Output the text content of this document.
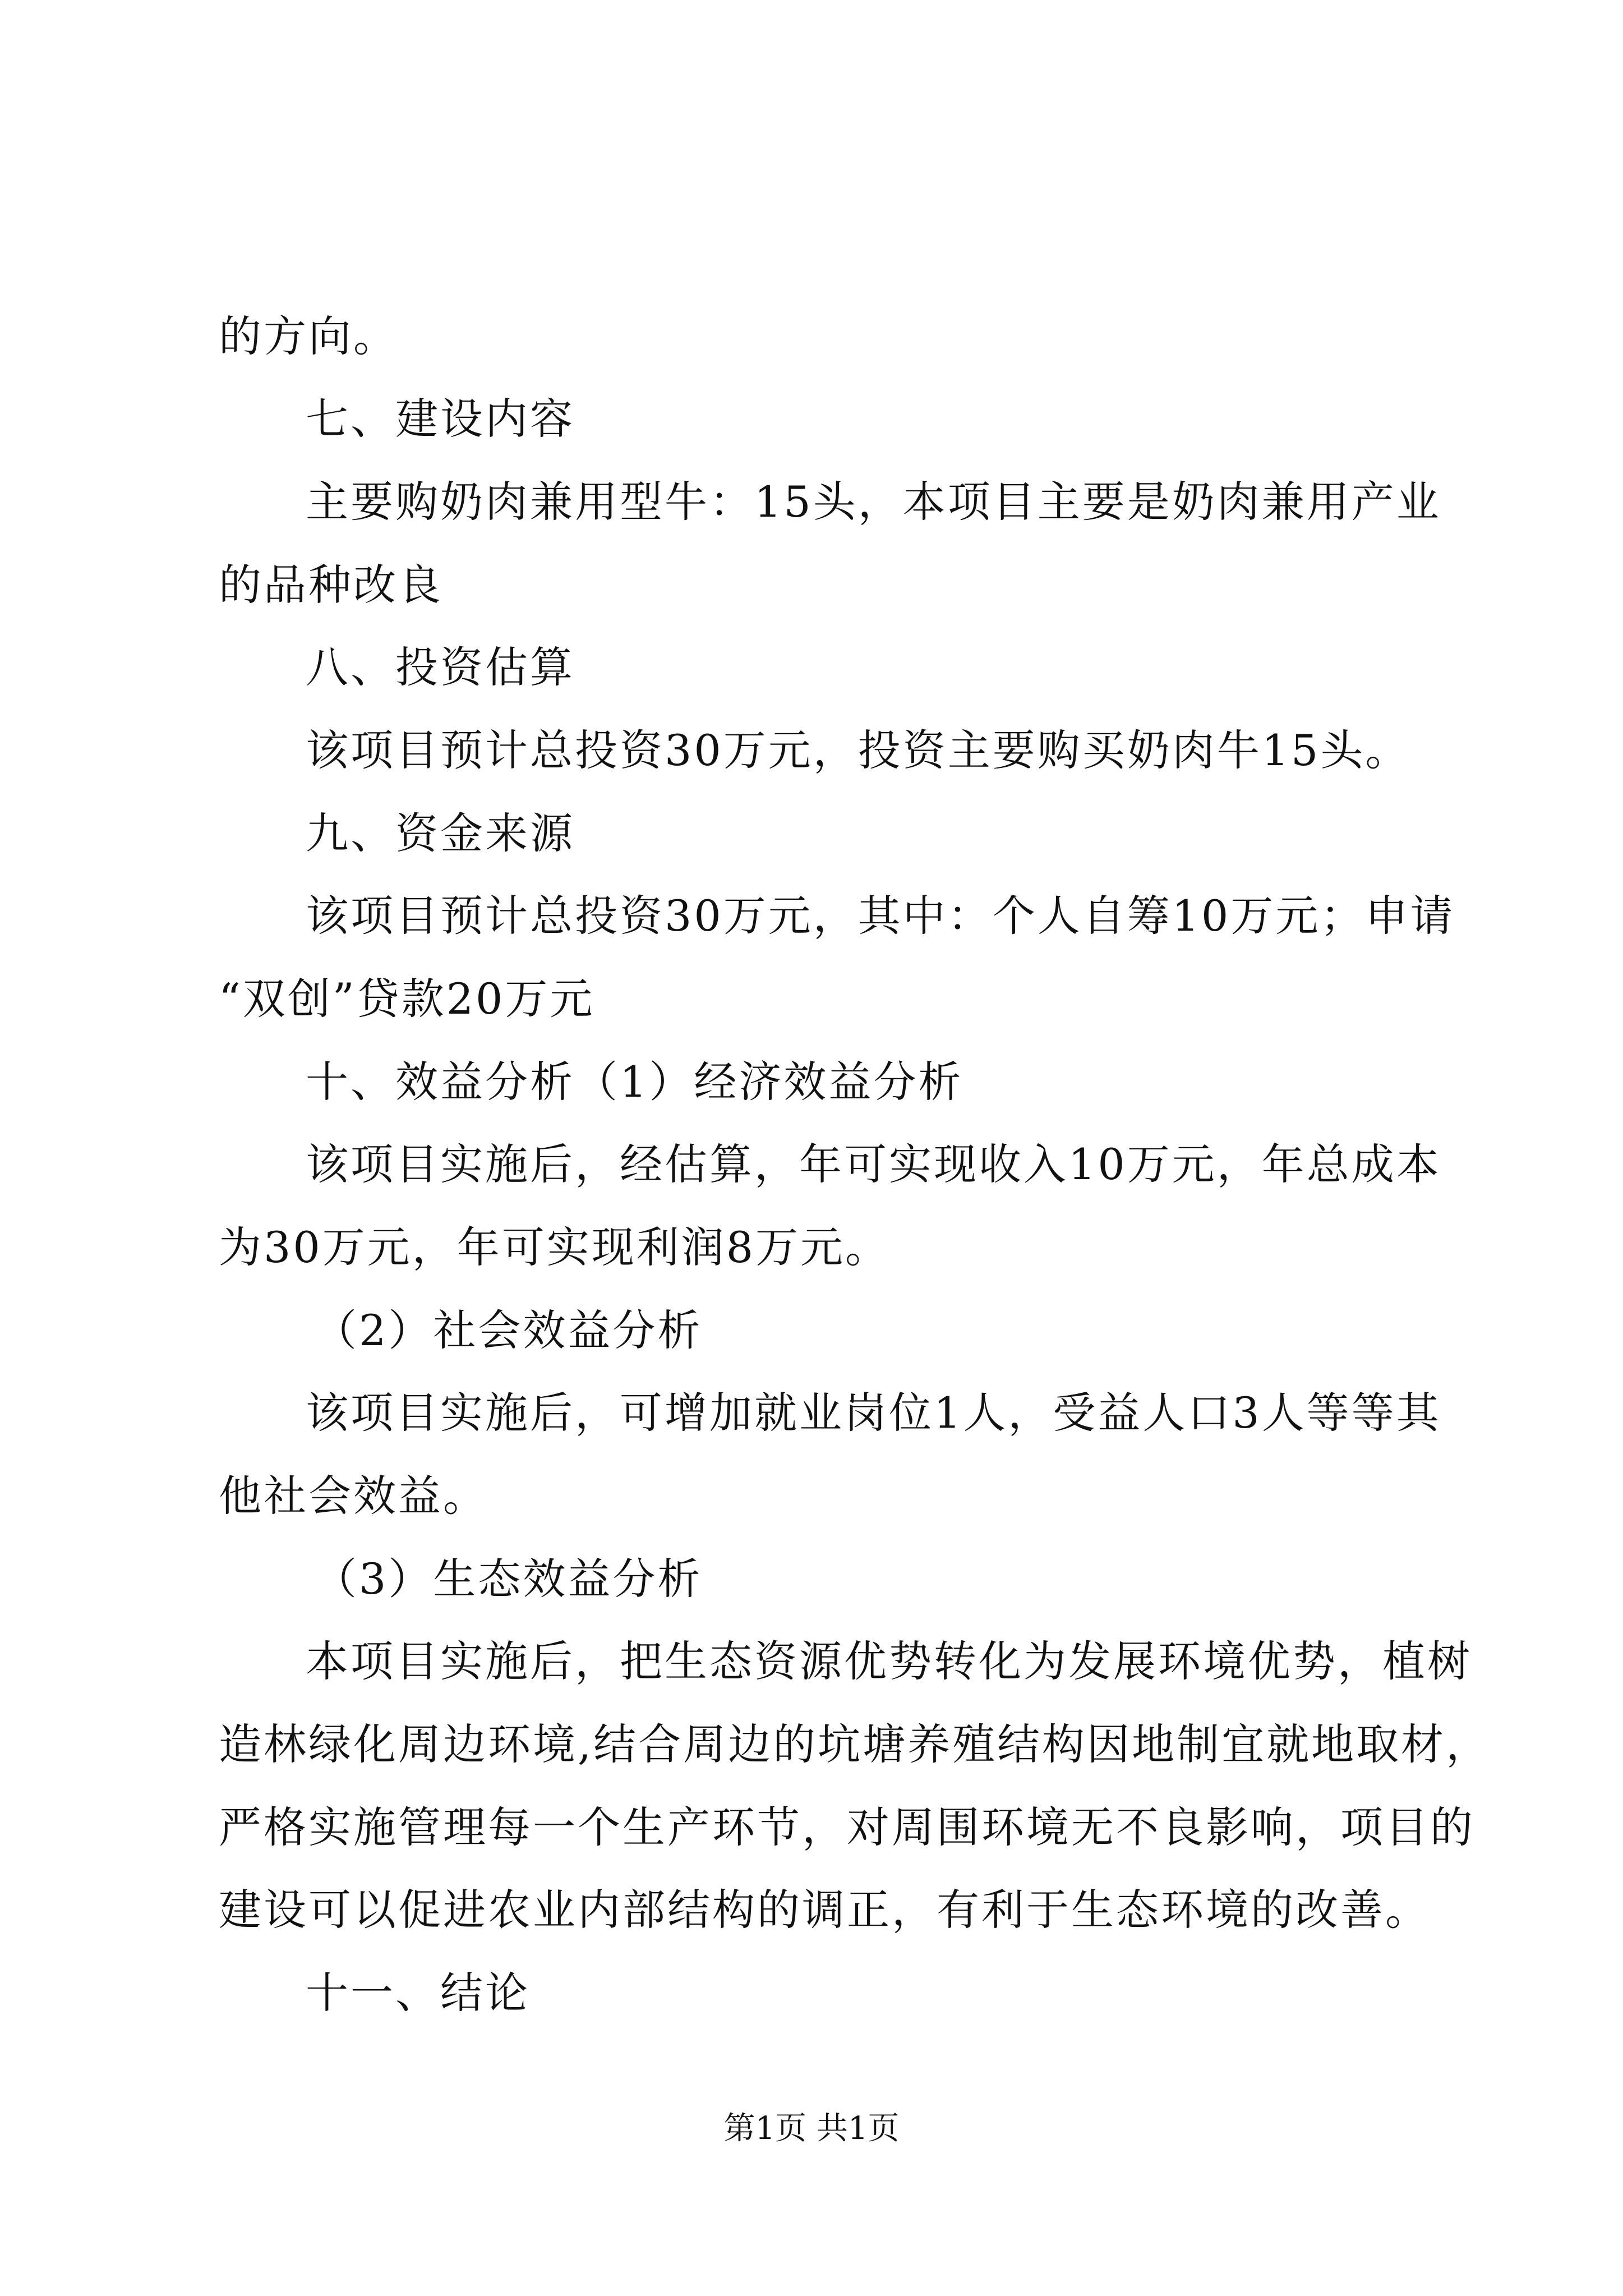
的方向。

七、建设内容

主要购奶肉兼用型牛：15头，本项目主要是奶肉兼用产业

的品种改良

八、投资估算

该项目预计总投资30万元，投资主要购买奶肉牛15头。

九、资金来源

该项目预计总投资30万元，其中：个人自筹10万元；申请

“双创”贷款20万元

十、效益分析（1）经济效益分析

该项目实施后，经估算，年可实现收入10万元，年总成本

为30万元，年可实现利润8万元。

（2）社会效益分析

该项目实施后，可增加就业岗位1人，受益人口3人等等其

他社会效益。

（3）生态效益分析

本项目实施后，把生态资源优势转化为发展环境优势，植树

造林绿化周边环境,结合周边的坑塘养殖结构因地制宜就地取材，

严格实施管理每一个生产环节，对周围环境无不良影响，项目的

建设可以促进农业内部结构的调正，有利于生态环境的改善。

十一、结论

第1页 共1页
